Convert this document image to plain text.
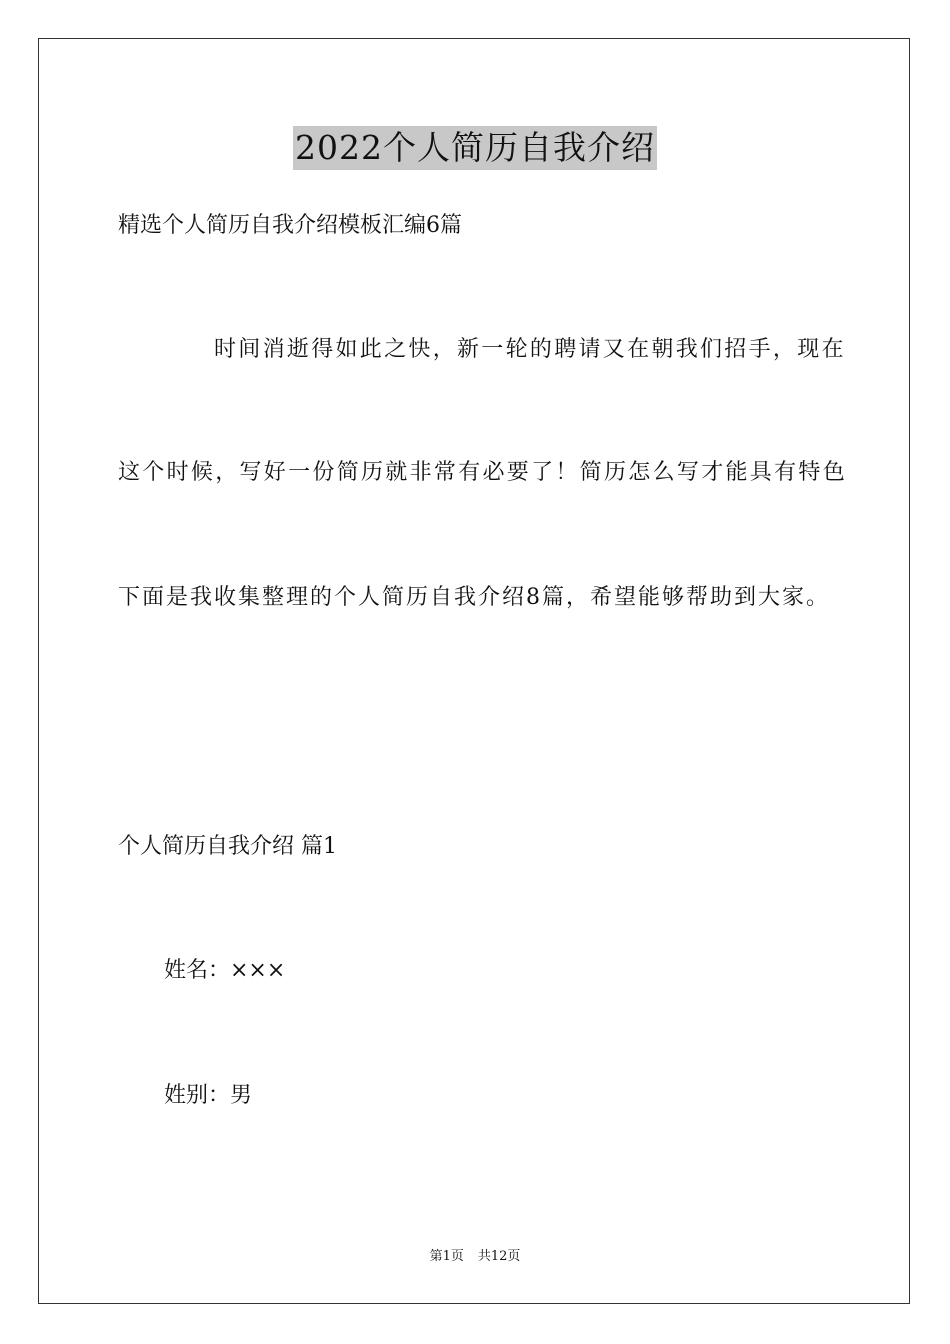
2022个人简历自我介绍
精选个人简历自我介绍模板汇编6篇
时间消逝得如此之快，新一轮的聘请又在朝我们招手，现在
这个时候，写好一份简历就非常有必要了！简历怎么写才能具有特色
下面是我收集整理的个人简历自我介绍8篇，希望能够帮助到大家。
个人简历自我介绍 篇1
姓名：×××
姓别：男
第1页 共12页
